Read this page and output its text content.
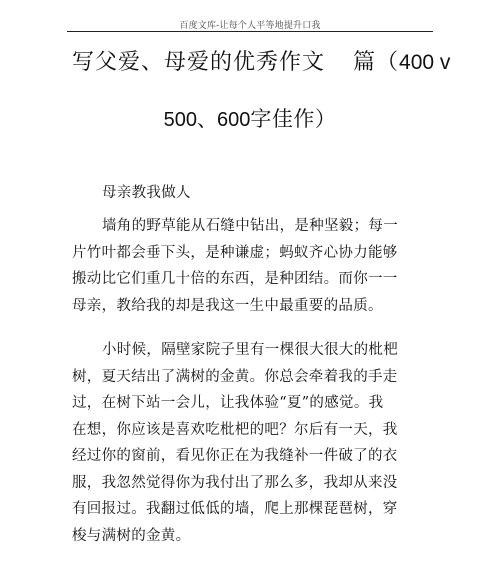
百度文库-让每个人平等地提升口我
写父爱、母爱的优秀作文 篇（400 v
500、600字佳作）
母亲教我做人
墙角的野草能从石缝中钻出，是种坚毅；每一
片竹叶都会垂下头，是种谦虚；蚂蚁齐心协力能够
搬动比它们重几十倍的东西，是种团结。而你一一
母亲，教给我的却是我这一生中最重要的品质。
小时候，隔壁家院子里有一棵很大很大的枇杷
树，夏天结出了满树的金黄。你总会牵着我的手走
过，在树下站一会儿，让我体验“夏”的感觉。我
在想，你应该是喜欢吃枇杷的吧？尔后有一天，我
经过你的窗前，看见你正在为我缝补一件破了的衣
服，我忽然觉得你为我付出了那么多，我却从来没
有回报过。我翻过低低的墙，爬上那棵琵琶树，穿
梭与满树的金黄。
